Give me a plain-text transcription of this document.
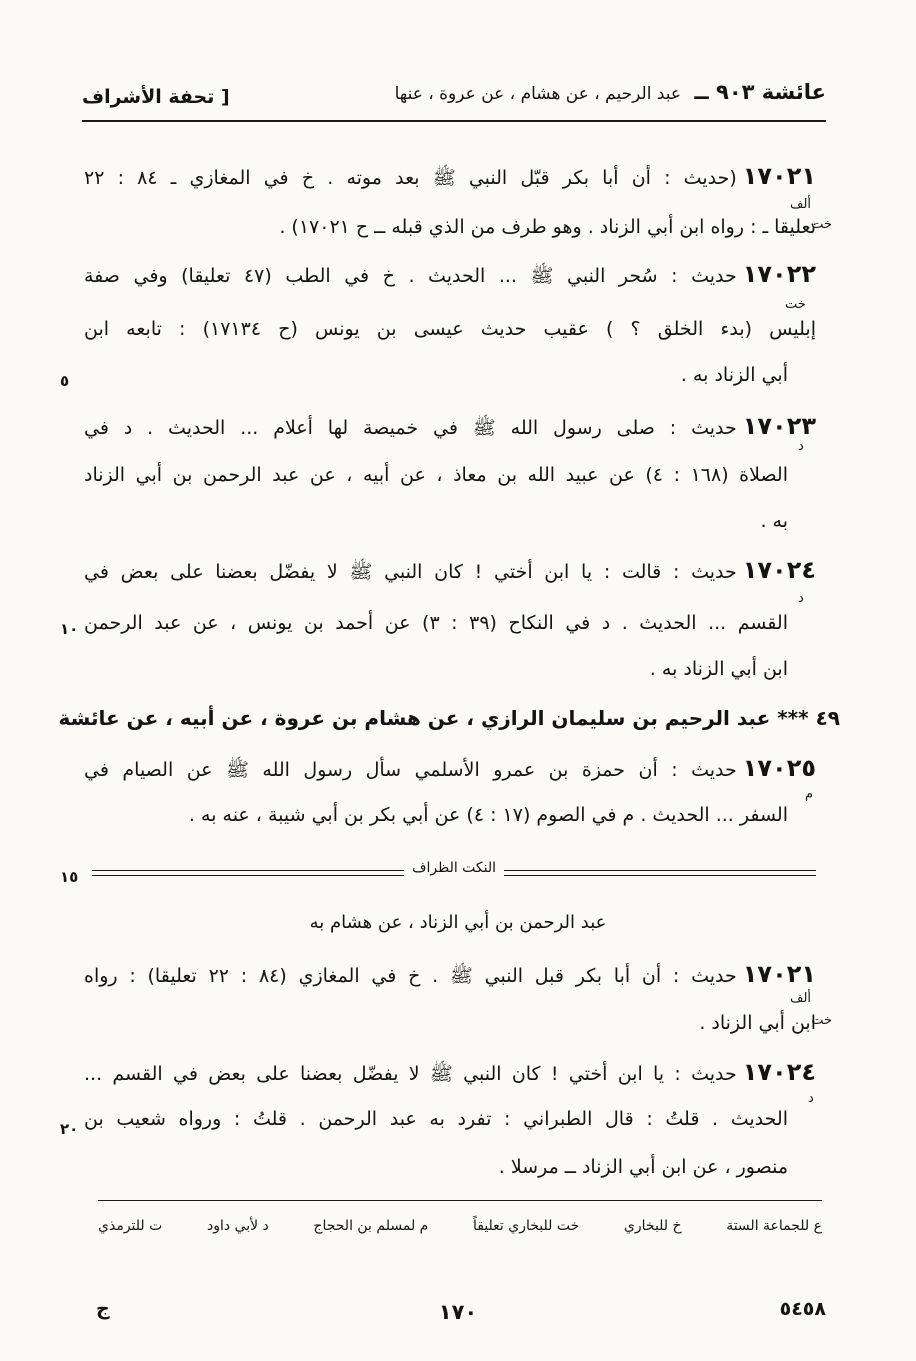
عائشة ٩٠٣ ــ عبد الرحيم ، عن هشام ، عن عروة ، عنها
[ تحفة الأشراف
١٧٠٢١(حديث : أن أبا بكر قبّل النبي ﷺ بعد موته . خ في المغازي ـ ٨٤ : ٢٢
ألف
خت
تعليقا ـ : رواه ابن أبي الزناد . وهو طرف من الذي قبله ــ ح ١٧٠٢١) .
١٧٠٢٢حديث : سُحر النبي ﷺ ... الحديث . خ في الطب (٤٧ تعليقا) وفي صفة
خت
إبليس (بدء الخلق ؟ ) عقيب حديث عيسى بن يونس (ح ١٧١٣٤) : تابعه ابن
أبي الزناد به .
٥
١٧٠٢٣حديث : صلى رسول الله ﷺ في خميصة لها أعلام ... الحديث . د في
د
الصلاة (١٦٨ : ٤) عن عبيد الله بن معاذ ، عن أبيه ، عن عبد الرحمن بن أبي الزناد
به .
١٧٠٢٤حديث : قالت : يا ابن أختي ! كان النبي ﷺ لا يفضّل بعضنا على بعض في
د
القسم ... الحديث . د في النكاح (٣٩ : ٣) عن أحمد بن يونس ، عن عبد الرحمن
١٠
ابن أبي الزناد به .
٤٩ *** عبد الرحيم بن سليمان الرازي ، عن هشام بن عروة ، عن أبيه ، عن عائشة
١٧٠٢٥حديث : أن حمزة بن عمرو الأسلمي سأل رسول الله ﷺ عن الصيام في
م
السفر ... الحديث . م في الصوم (١٧ : ٤) عن أبي بكر بن أبي شيبة ، عنه به .
النكت الظراف
١٥
عبد الرحمن بن أبي الزناد ، عن هشام به
١٧٠٢١حديث : أن أبا بكر قبل النبي ﷺ . خ في المغازي (٨٤ : ٢٢ تعليقا) : رواه
ألف
خت
ابن أبي الزناد .
١٧٠٢٤حديث : يا ابن أختي ! كان النبي ﷺ لا يفضّل بعضنا على بعض في القسم ...
د
الحديث . قلتُ : قال الطبراني : تفرد به عبد الرحمن . قلتُ : ورواه شعيب بن
٢٠
منصور ، عن ابن أبي الزناد ــ مرسلا .
ع للجماعة الستة
خ للبخاري
خت للبخاري تعليقاً
م لمسلم بن الحجاج
د لأبي داود
ت للترمذي
٥٤٥٨
١٧٠
ج
